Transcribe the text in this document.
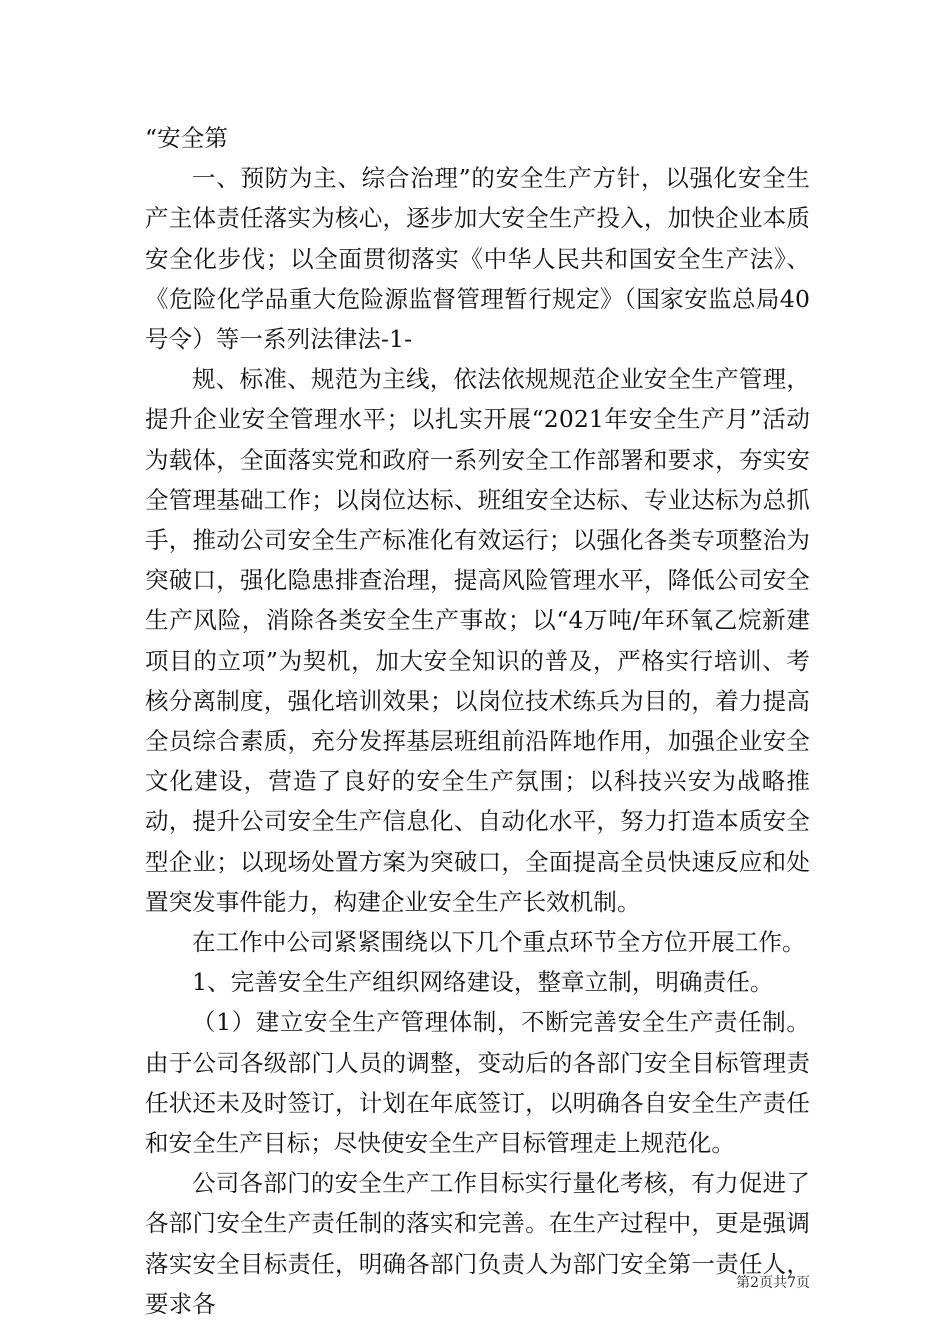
“安全第

一、预防为主、综合治理”的安全生产方针，以强化安全生产主体责任落实为核心，逐步加大安全生产投入，加快企业本质安全化步伐；以全面贯彻落实《中华人民共和国安全生产法》、《危险化学品重大危险源监督管理暂行规定》（国家安监总局40号令）等一系列法律法-1-

规、标准、规范为主线，依法依规规范企业安全生产管理，提升企业安全管理水平；以扎实开展“2021年安全生产月”活动为载体，全面落实党和政府一系列安全工作部署和要求，夯实安全管理基础工作；以岗位达标、班组安全达标、专业达标为总抓手，推动公司安全生产标准化有效运行；以强化各类专项整治为突破口，强化隐患排查治理，提高风险管理水平，降低公司安全生产风险，消除各类安全生产事故；以“4万吨/年环氧乙烷新建项目的立项”为契机，加大安全知识的普及，严格实行培训、考核分离制度，强化培训效果；以岗位技术练兵为目的，着力提高全员综合素质，充分发挥基层班组前沿阵地作用，加强企业安全文化建设，营造了良好的安全生产氛围；以科技兴安为战略推动，提升公司安全生产信息化、自动化水平，努力打造本质安全型企业；以现场处置方案为突破口，全面提高全员快速反应和处置突发事件能力，构建企业安全生产长效机制。

在工作中公司紧紧围绕以下几个重点环节全方位开展工作。

1、完善安全生产组织网络建设，整章立制，明确责任。

（1）建立安全生产管理体制，不断完善安全生产责任制。由于公司各级部门人员的调整，变动后的各部门安全目标管理责任状还未及时签订，计划在年底签订，以明确各自安全生产责任和安全生产目标；尽快使安全生产目标管理走上规范化。

公司各部门的安全生产工作目标实行量化考核，有力促进了各部门安全生产责任制的落实和完善。在生产过程中，更是强调落实安全目标责任，明确各部门负责人为部门安全第一责任人，要求各

第2页共7页
